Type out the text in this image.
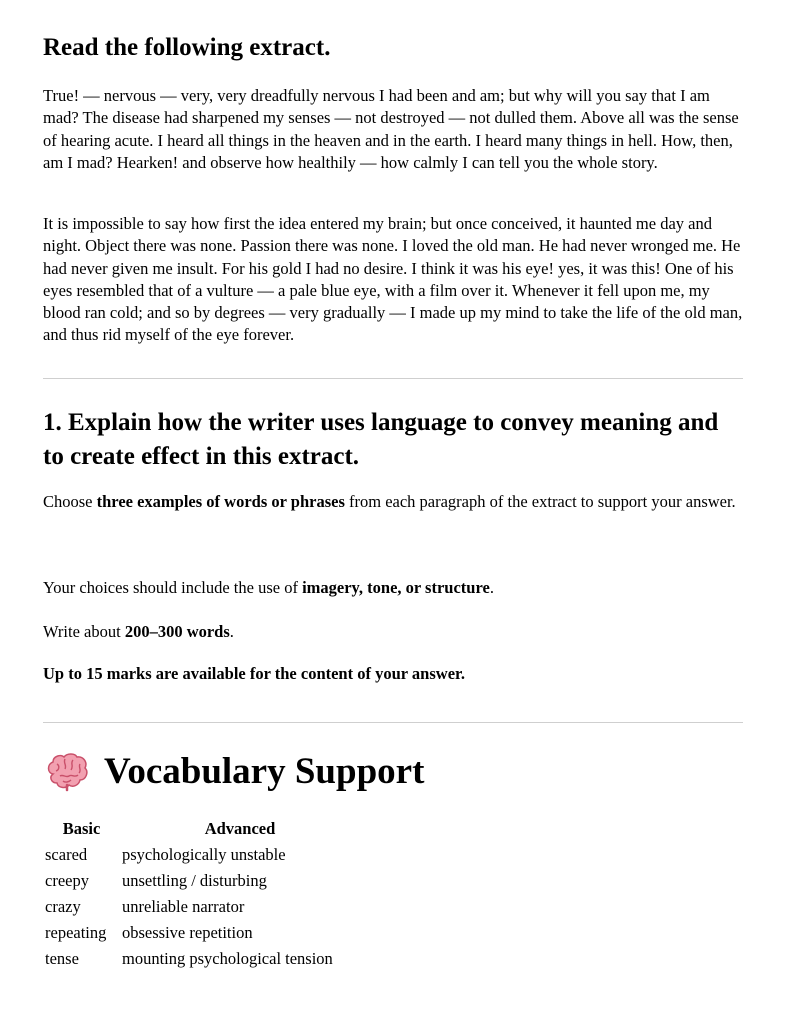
Read the following extract.

True! — nervous — very, very dreadfully nervous I had been and am; but why will you say that I am mad? The disease had sharpened my senses — not destroyed — not dulled them. Above all was the sense of hearing acute. I heard all things in the heaven and in the earth. I heard many things in hell. How, then, am I mad? Hearken! and observe how healthily — how calmly I can tell you the whole story.

It is impossible to say how first the idea entered my brain; but once conceived, it haunted me day and night. Object there was none. Passion there was none. I loved the old man. He had never wronged me. He had never given me insult. For his gold I had no desire. I think it was his eye! yes, it was this! One of his eyes resembled that of a vulture — a pale blue eye, with a film over it. Whenever it fell upon me, my blood ran cold; and so by degrees — very gradually — I made up my mind to take the life of the old man, and thus rid myself of the eye forever.

1. Explain how the writer uses language to convey meaning and to create effect in this extract.

Choose three examples of words or phrases from each paragraph of the extract to support your answer.

Your choices should include the use of imagery, tone, or structure.

Write about 200–300 words.

Up to 15 marks are available for the content of your answer.

Vocabulary Support
Basic	Advanced
scared	psychologically unstable
creepy	unsettling / disturbing
crazy	unreliable narrator
repeating	obsessive repetition
tense	mounting psychological tension
